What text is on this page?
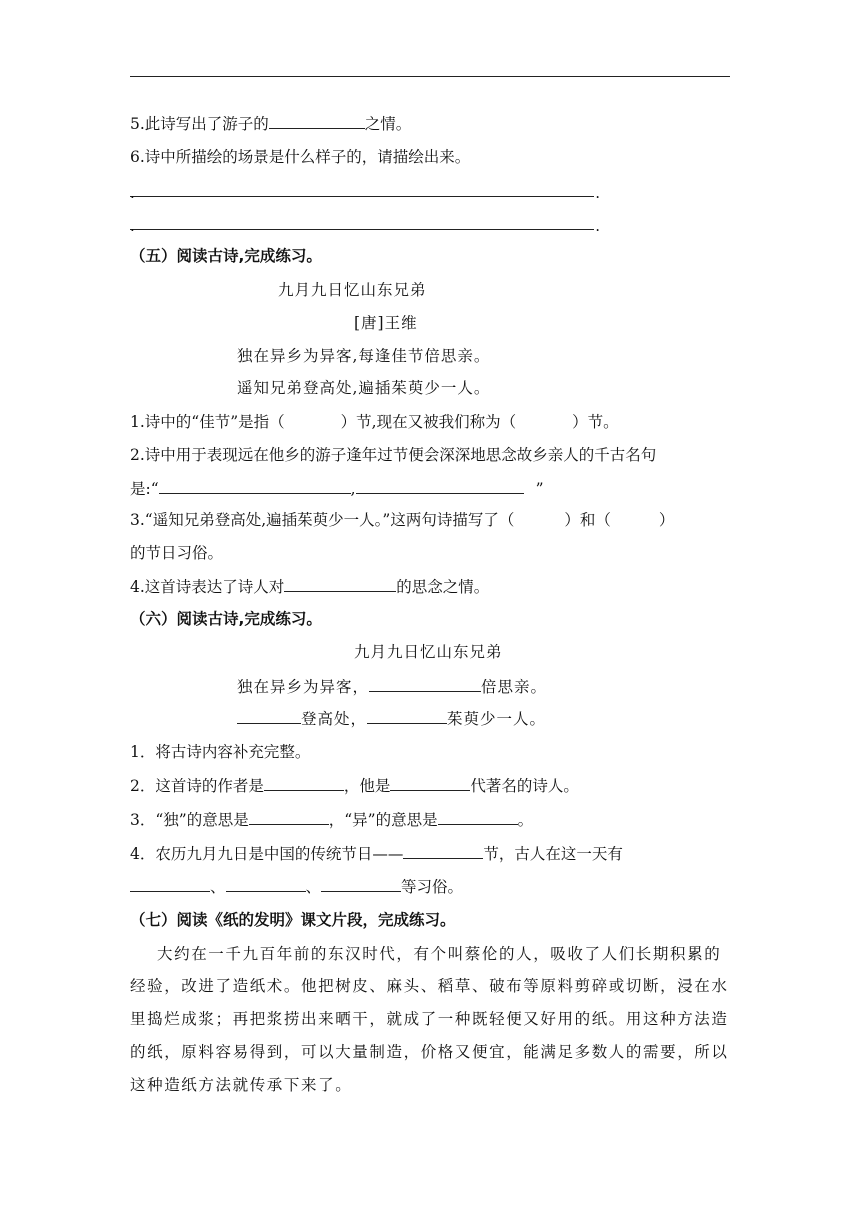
5.此诗写出了游子的	之情。
6.诗中所描绘的场景是什么样子的，请描绘出来。
.	.
.	.
（五）阅读古诗,完成练习。
九月九日忆山东兄弟
[唐]王维
独在异乡为异客,每逢佳节倍思亲。
遥知兄弟登高处,遍插茱萸少一人。
1.诗中的“佳节”是指（	）节,现在又被我们称为（	）节。
2.诗中用于表现远在他乡的游子逢年过节便会深深地思念故乡亲人的千古名句
是:“	,	”
3.“遥知兄弟登高处,遍插茱萸少一人。”这两句诗描写了（	）和（	）
的节日习俗。
4.这首诗表达了诗人对	的思念之情。
（六）阅读古诗,完成练习。
九月九日忆山东兄弟
独在异乡为异客，	倍思亲。
登高处，	茱萸少一人。
1．将古诗内容补充完整。
2．这首诗的作者是	，他是	代著名的诗人。
3．“独”的意思是	，“异”的意思是	。
4．农历九月九日是中国的传统节日——	节，古人在这一天有
、	、	等习俗。
（七）阅读《纸的发明》课文片段，完成练习。
大约在一千九百年前的东汉时代，有个叫蔡伦的人，吸收了人们长期积累的
经验，改进了造纸术。他把树皮、麻头、稻草、破布等原料剪碎或切断，浸在水
里捣烂成浆；再把浆捞出来晒干，就成了一种既轻便又好用的纸。用这种方法造
的纸，原料容易得到，可以大量制造，价格又便宜，能满足多数人的需要，所以
这种造纸方法就传承下来了。
